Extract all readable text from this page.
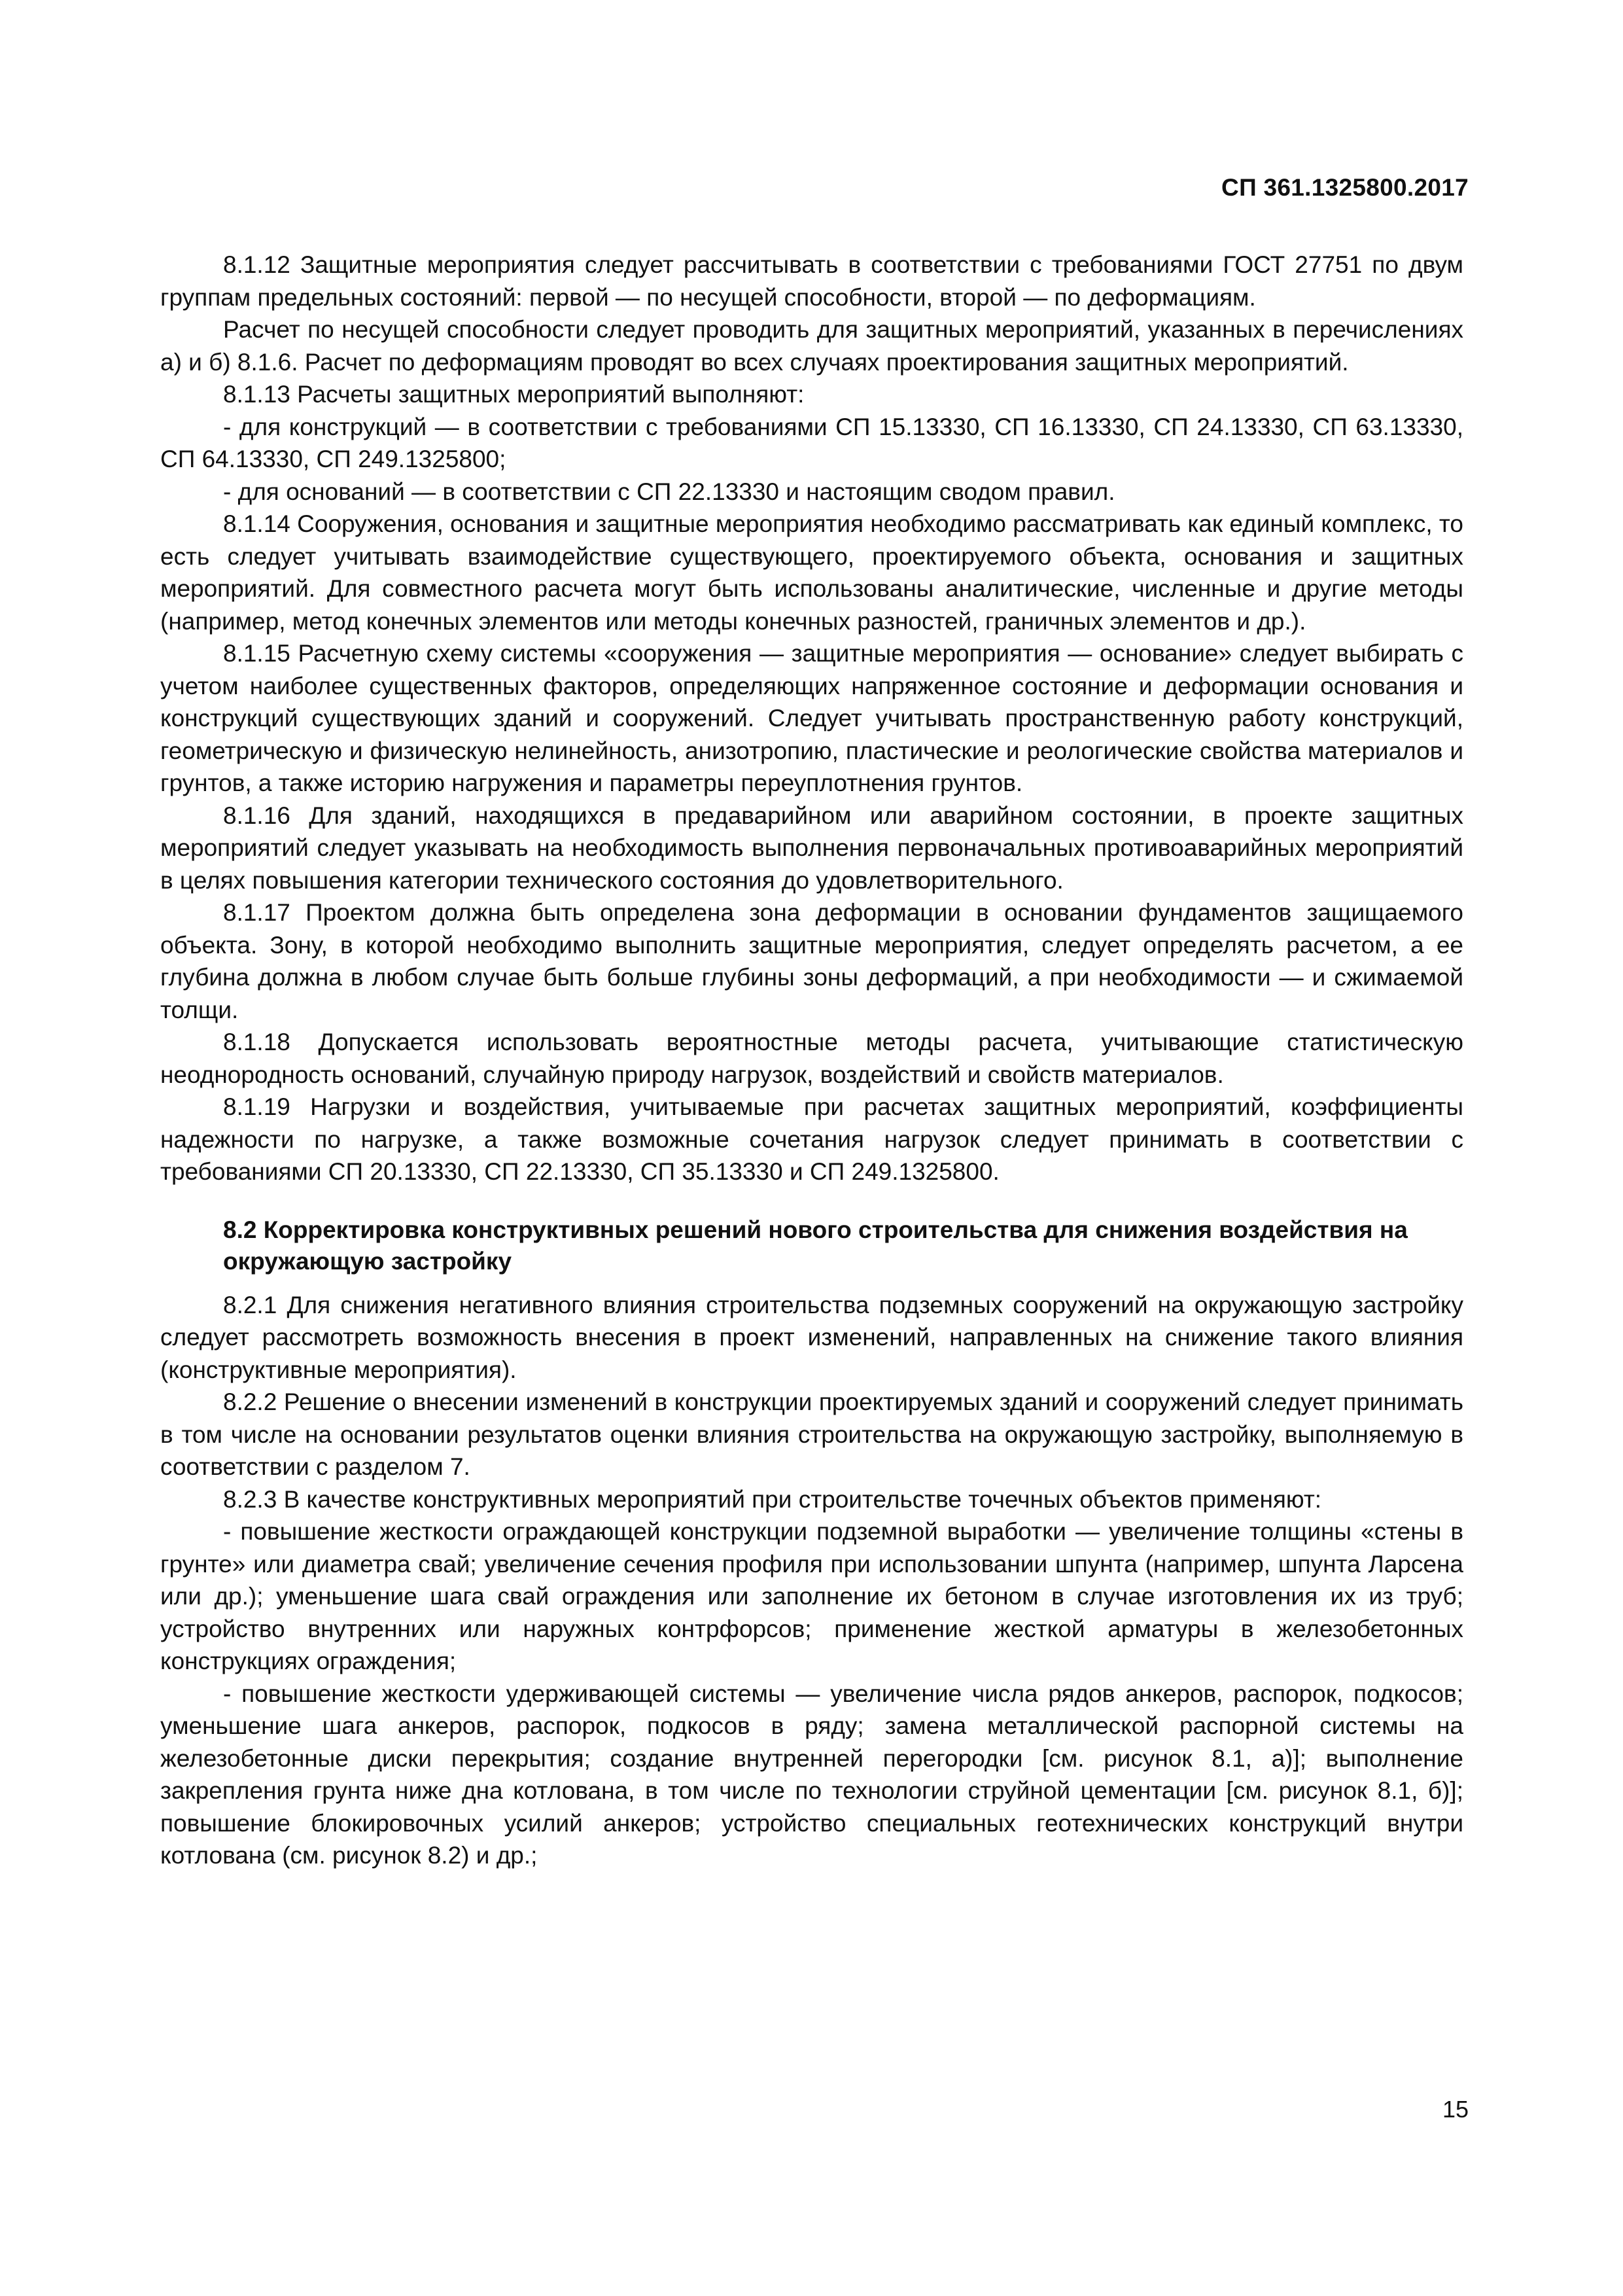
СП 361.1325800.2017

8.1.12 Защитные мероприятия следует рассчитывать в соответствии с требованиями ГОСТ 27751 по двум группам предельных состояний: первой — по несущей способности, второй — по деформациям.

Расчет по несущей способности следует проводить для защитных мероприятий, указанных в перечислениях а) и б) 8.1.6. Расчет по деформациям проводят во всех случаях проектирования защитных мероприятий.

8.1.13 Расчеты защитных мероприятий выполняют:

- для конструкций — в соответствии с требованиями СП 15.13330, СП 16.13330, СП 24.13330, СП 63.13330, СП 64.13330, СП 249.1325800;

- для оснований — в соответствии с СП 22.13330 и настоящим сводом правил.

8.1.14 Сооружения, основания и защитные мероприятия необходимо рассматривать как единый комплекс, то есть следует учитывать взаимодействие существующего, проектируемого объекта, основания и защитных мероприятий. Для совместного расчета могут быть использованы аналитические, численные и другие методы (например, метод конечных элементов или методы конечных разностей, граничных элементов и др.).

8.1.15 Расчетную схему системы «сооружения — защитные мероприятия — основание» следует выбирать с учетом наиболее существенных факторов, определяющих напряженное состояние и деформации основания и конструкций существующих зданий и сооружений. Следует учитывать пространственную работу конструкций, геометрическую и физическую нелинейность, анизотропию, пластические и реологические свойства материалов и грунтов, а также историю нагружения и параметры переуплотнения грунтов.

8.1.16 Для зданий, находящихся в предаварийном или аварийном состоянии, в проекте защитных мероприятий следует указывать на необходимость выполнения первоначальных противоаварийных мероприятий в целях повышения категории технического состояния до удовлетворительного.

8.1.17 Проектом должна быть определена зона деформации в основании фундаментов защищаемого объекта. Зону, в которой необходимо выполнить защитные мероприятия, следует определять расчетом, а ее глубина должна в любом случае быть больше глубины зоны деформаций, а при необходимости — и сжимаемой толщи.

8.1.18 Допускается использовать вероятностные методы расчета, учитывающие статистическую неоднородность оснований, случайную природу нагрузок, воздействий и свойств материалов.

8.1.19 Нагрузки и воздействия, учитываемые при расчетах защитных мероприятий, коэффициенты надежности по нагрузке, а также возможные сочетания нагрузок следует принимать в соответствии с требованиями СП 20.13330, СП 22.13330, СП 35.13330 и СП 249.1325800.

8.2 Корректировка конструктивных решений нового строительства для снижения воздействия на окружающую застройку

8.2.1 Для снижения негативного влияния строительства подземных сооружений на окружающую застройку следует рассмотреть возможность внесения в проект изменений, направленных на снижение такого влияния (конструктивные мероприятия).

8.2.2 Решение о внесении изменений в конструкции проектируемых зданий и сооружений следует принимать в том числе на основании результатов оценки влияния строительства на окружающую застройку, выполняемую в соответствии с разделом 7.

8.2.3 В качестве конструктивных мероприятий при строительстве точечных объектов применяют:

- повышение жесткости ограждающей конструкции подземной выработки — увеличение толщины «стены в грунте» или диаметра свай; увеличение сечения профиля при использовании шпунта (например, шпунта Ларсена или др.); уменьшение шага свай ограждения или заполнение их бетоном в случае изготовления их из труб; устройство внутренних или наружных контрфорсов; применение жесткой арматуры в железобетонных конструкциях ограждения;

- повышение жесткости удерживающей системы — увеличение числа рядов анкеров, распорок, подкосов; уменьшение шага анкеров, распорок, подкосов в ряду; замена металлической распорной системы на железобетонные диски перекрытия; создание внутренней перегородки [см. рисунок 8.1, а)]; выполнение закрепления грунта ниже дна котлована, в том числе по технологии струйной цементации [см. рисунок 8.1, б)]; повышение блокировочных усилий анкеров; устройство специальных геотехнических конструкций внутри котлована (см. рисунок 8.2) и др.;

15
